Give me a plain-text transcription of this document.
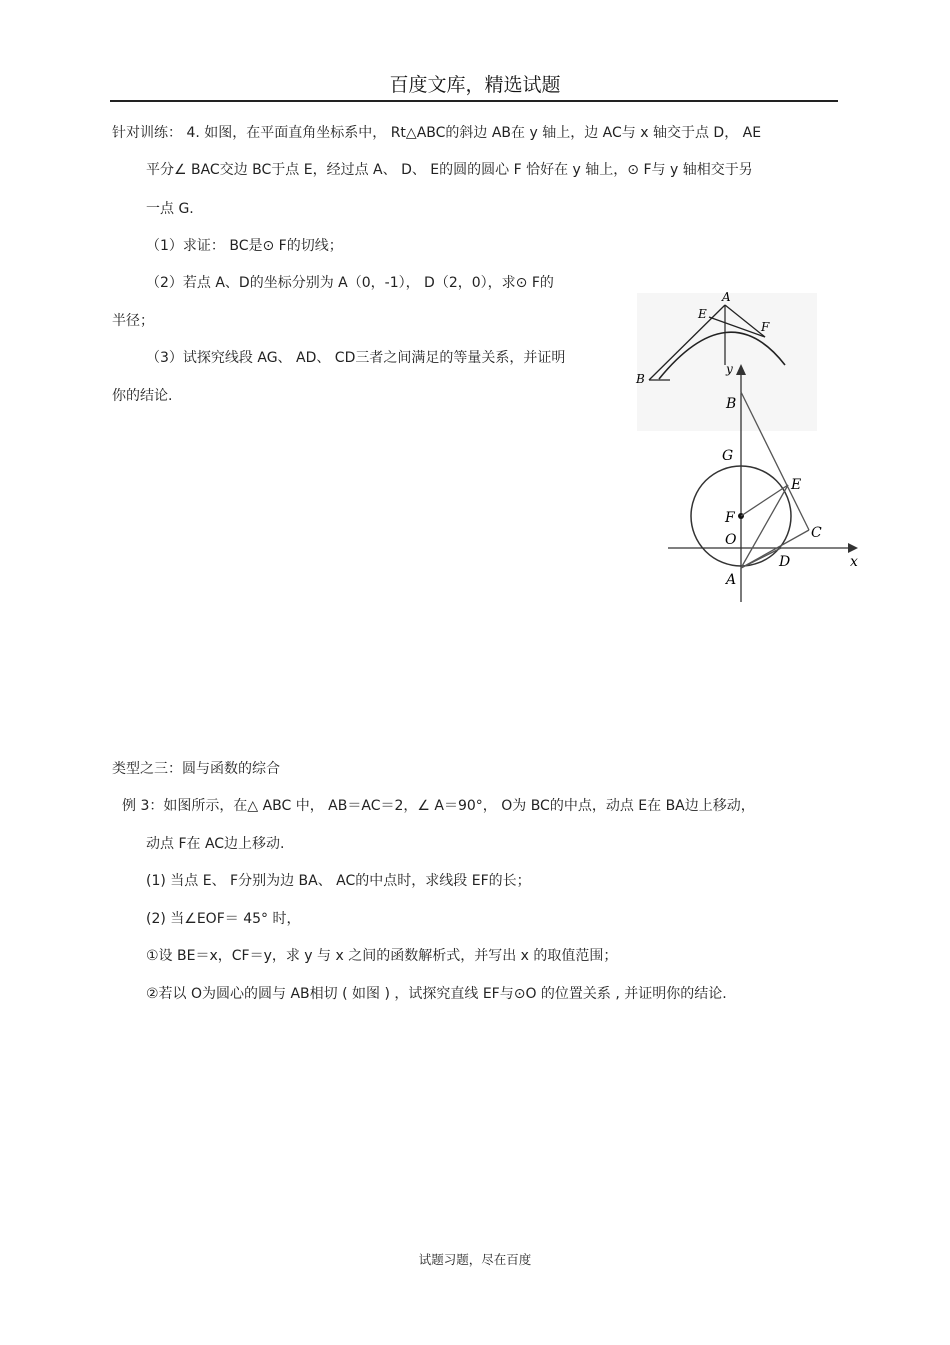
百度文库，精选试题
针对训练： 4. 如图，在平面直角坐标系中， Rt△ABC的斜边 AB在 y 轴上，边 AC与 x 轴交于点 D， AE
平分∠ BAC交边 BC于点 E，经过点 A、 D、 E的圆的圆心 F 恰好在 y 轴上，⊙ F与 y 轴相交于另
一点 G.
（1）求证： BC是⊙ F的切线；
（2）若点 A、D的坐标分别为 A（0，-1）， D（2，0），求⊙ F的
半径；
（3）试探究线段 AG、 AD、 CD三者之间满足的等量关系，并证明
你的结论.
A
E
F
B
y
B
G
E
F
C
O
D
A
x
类型之三：圆与函数的综合
例 3：如图所示，在△ ABC 中， AB＝AC＝2，∠ A＝90°， O为 BC的中点，动点 E在 BA边上移动，
动点 F在 AC边上移动.
(1) 当点 E、 F分别为边 BA、 AC的中点时，求线段 EF的长；
(2) 当∠EOF＝ 45° 时，
①设 BE＝x，CF＝y，求 y 与 x 之间的函数解析式，并写出 x 的取值范围；
②若以 O为圆心的圆与 AB相切 ( 如图 ) ，试探究直线 EF与⊙O 的位置关系 , 并证明你的结论.
试题习题，尽在百度
